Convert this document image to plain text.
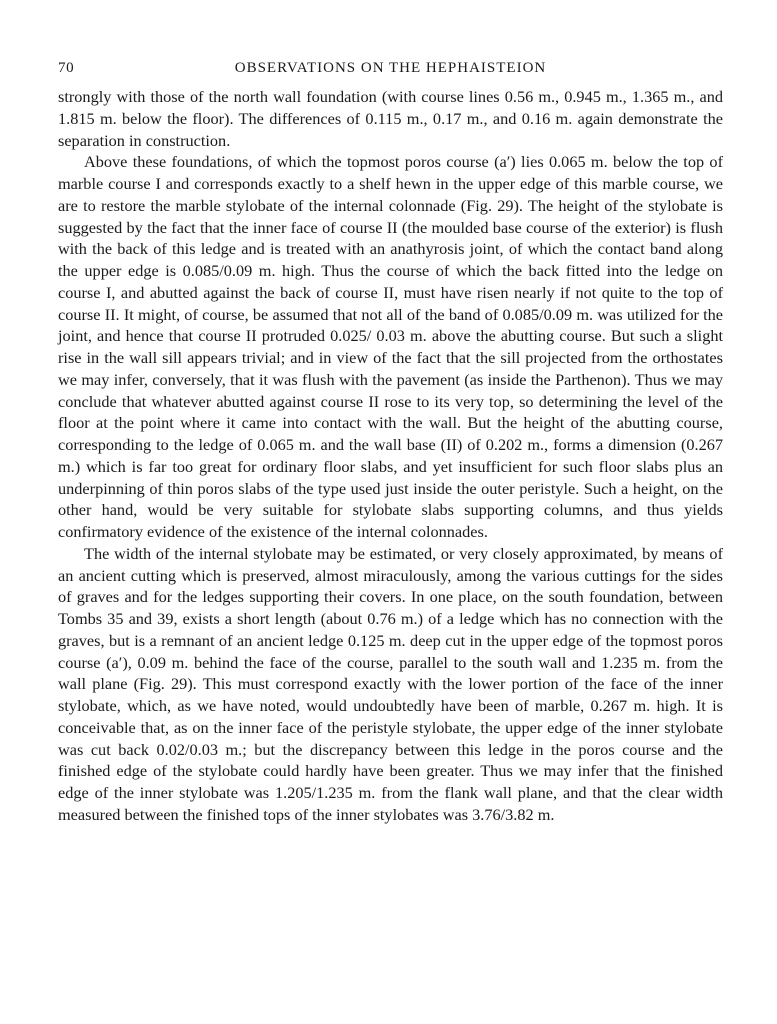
70	OBSERVATIONS ON THE HEPHAISTEION

strongly with those of the north wall foundation (with course lines 0.56 m., 0.945 m., 1.365 m., and 1.815 m. below the floor). The differences of 0.115 m., 0.17 m., and 0.16 m. again demonstrate the separation in construction.

Above these foundations, of which the topmost poros course (a′) lies 0.065 m. below the top of marble course I and corresponds exactly to a shelf hewn in the upper edge of this marble course, we are to restore the marble stylobate of the internal colonnade (Fig. 29). The height of the stylobate is suggested by the fact that the inner face of course II (the moulded base course of the exterior) is flush with the back of this ledge and is treated with an anathyrosis joint, of which the contact band along the upper edge is 0.085/0.09 m. high. Thus the course of which the back fitted into the ledge on course I, and abutted against the back of course II, must have risen nearly if not quite to the top of course II. It might, of course, be assumed that not all of the band of 0.085/0.09 m. was utilized for the joint, and hence that course II protruded 0.025/ 0.03 m. above the abutting course. But such a slight rise in the wall sill appears trivial; and in view of the fact that the sill projected from the orthostates we may infer, conversely, that it was flush with the pavement (as inside the Parthenon). Thus we may conclude that whatever abutted against course II rose to its very top, so determining the level of the floor at the point where it came into contact with the wall. But the height of the abutting course, corresponding to the ledge of 0.065 m. and the wall base (II) of 0.202 m., forms a dimension (0.267 m.) which is far too great for ordinary floor slabs, and yet insufficient for such floor slabs plus an underpinning of thin poros slabs of the type used just inside the outer peristyle. Such a height, on the other hand, would be very suitable for stylobate slabs supporting columns, and thus yields confirmatory evidence of the existence of the internal colonnades.

The width of the internal stylobate may be estimated, or very closely approximated, by means of an ancient cutting which is preserved, almost miraculously, among the various cuttings for the sides of graves and for the ledges supporting their covers. In one place, on the south foundation, between Tombs 35 and 39, exists a short length (about 0.76 m.) of a ledge which has no connection with the graves, but is a remnant of an ancient ledge 0.125 m. deep cut in the upper edge of the topmost poros course (a′), 0.09 m. behind the face of the course, parallel to the south wall and 1.235 m. from the wall plane (Fig. 29). This must correspond exactly with the lower portion of the face of the inner stylobate, which, as we have noted, would undoubtedly have been of marble, 0.267 m. high. It is conceivable that, as on the inner face of the peristyle stylobate, the upper edge of the inner stylobate was cut back 0.02/0.03 m.; but the discrepancy between this ledge in the poros course and the finished edge of the stylobate could hardly have been greater. Thus we may infer that the finished edge of the inner stylobate was 1.205/1.235 m. from the flank wall plane, and that the clear width measured between the finished tops of the inner stylobates was 3.76/3.82 m.
